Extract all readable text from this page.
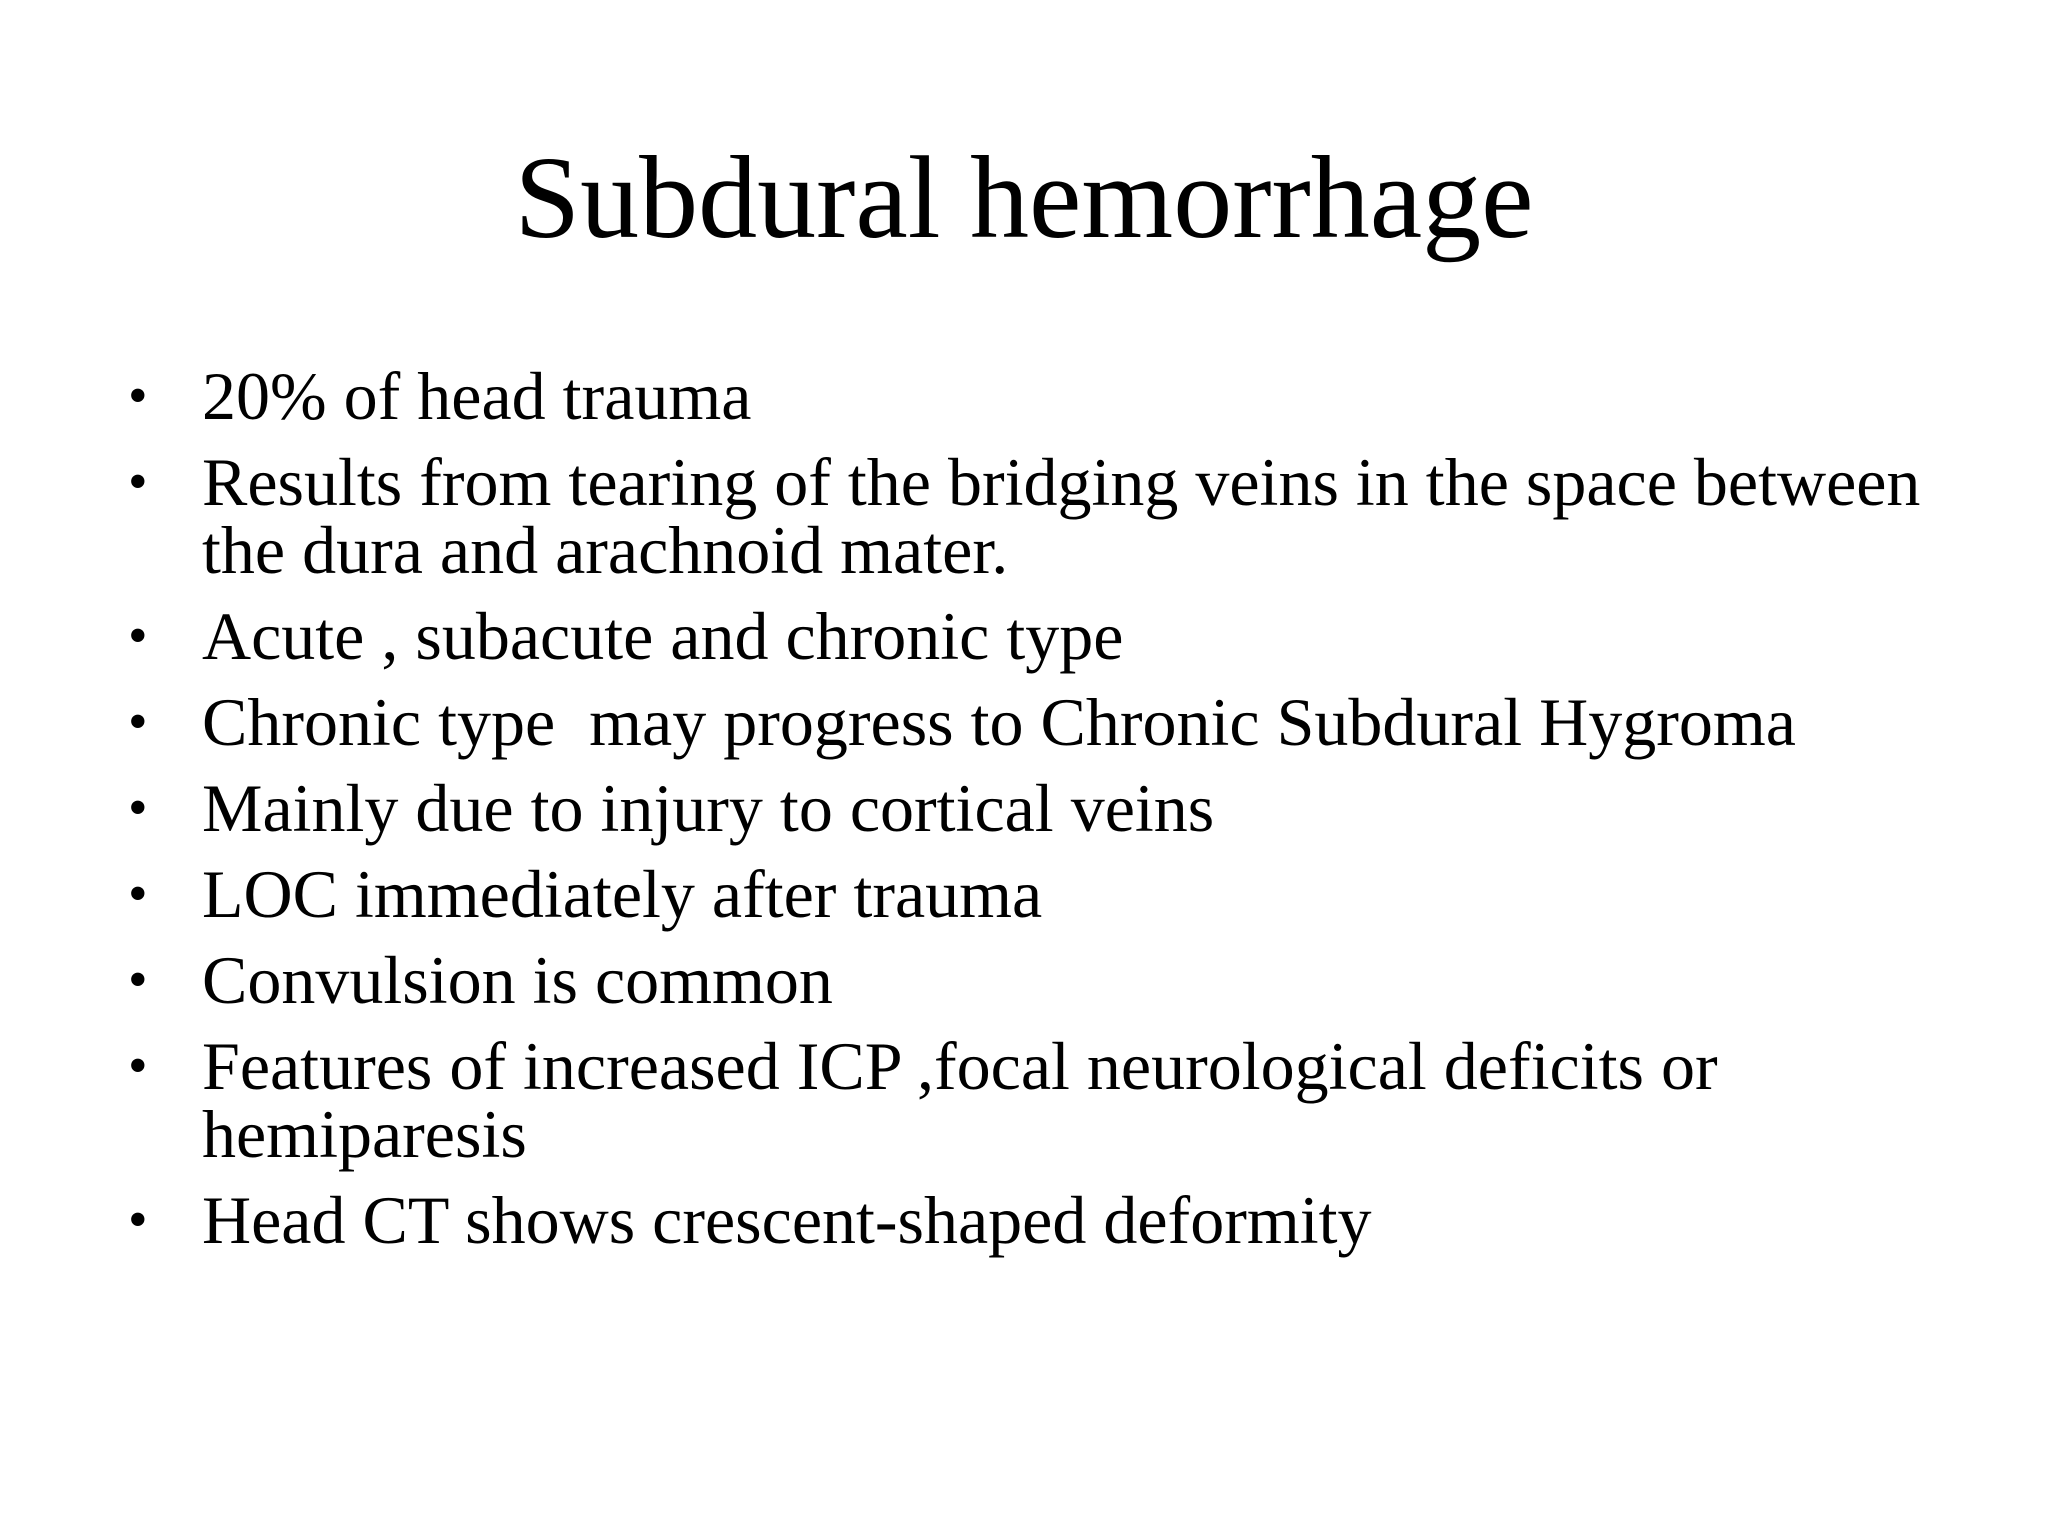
Subdural hemorrhage
• 20% of head trauma
• Results from tearing of the bridging veins in the space between the dura and arachnoid mater.
• Acute , subacute and chronic type
• Chronic type  may progress to Chronic Subdural Hygroma
• Mainly due to injury to cortical veins
• LOC immediately after trauma
• Convulsion is common
• Features of increased ICP ,focal neurological deficits or hemiparesis
• Head CT shows crescent-shaped deformity
